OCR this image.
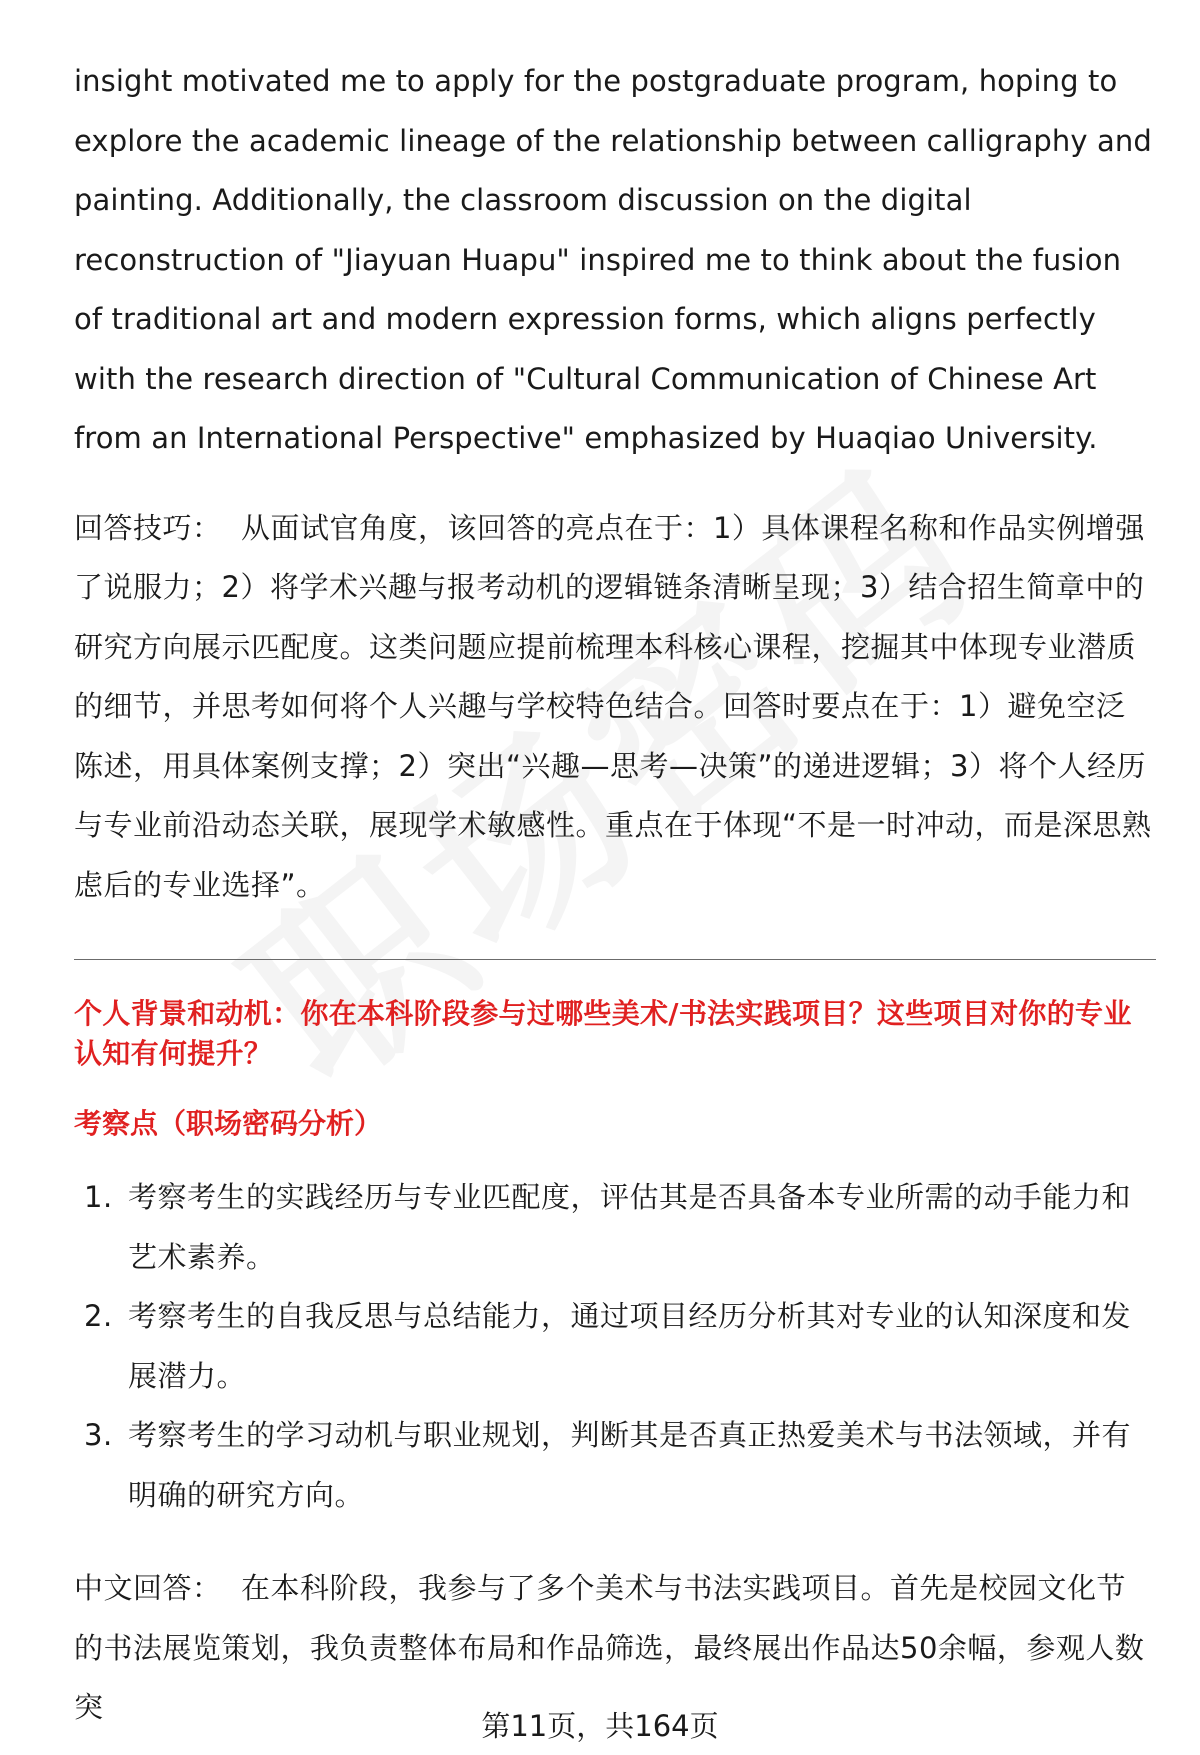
insight motivated me to apply for the postgraduate program, hoping to explore the academic lineage of the relationship between calligraphy and painting. Additionally, the classroom discussion on the digital reconstruction of "Jiayuan Huapu" inspired me to think about the fusion of traditional art and modern expression forms, which aligns perfectly with the research direction of "Cultural Communication of Chinese Art from an International Perspective" emphasized by Huaqiao University.

回答技巧： 从面试官角度，该回答的亮点在于：1）具体课程名称和作品实例增强了说服力；2）将学术兴趣与报考动机的逻辑链条清晰呈现；3）结合招生简章中的研究方向展示匹配度。这类问题应提前梳理本科核心课程，挖掘其中体现专业潜质的细节，并思考如何将个人兴趣与学校特色结合。回答时要点在于：1）避免空泛陈述，用具体案例支撑；2）突出“兴趣—思考—决策”的递进逻辑；3）将个人经历与专业前沿动态关联，展现学术敏感性。重点在于体现“不是一时冲动，而是深思熟虑后的专业选择”。

个人背景和动机：你在本科阶段参与过哪些美术/书法实践项目？这些项目对你的专业认知有何提升？

考察点（职场密码分析）

1. 考察考生的实践经历与专业匹配度，评估其是否具备本专业所需的动手能力和艺术素养。
2. 考察考生的自我反思与总结能力，通过项目经历分析其对专业的认知深度和发展潜力。
3. 考察考生的学习动机与职业规划，判断其是否真正热爱美术与书法领域，并有明确的研究方向。

中文回答： 在本科阶段，我参与了多个美术与书法实践项目。首先是校园文化节的书法展览策划，我负责整体布局和作品筛选，最终展出作品达50余幅，参观人数突

第11页，共164页
